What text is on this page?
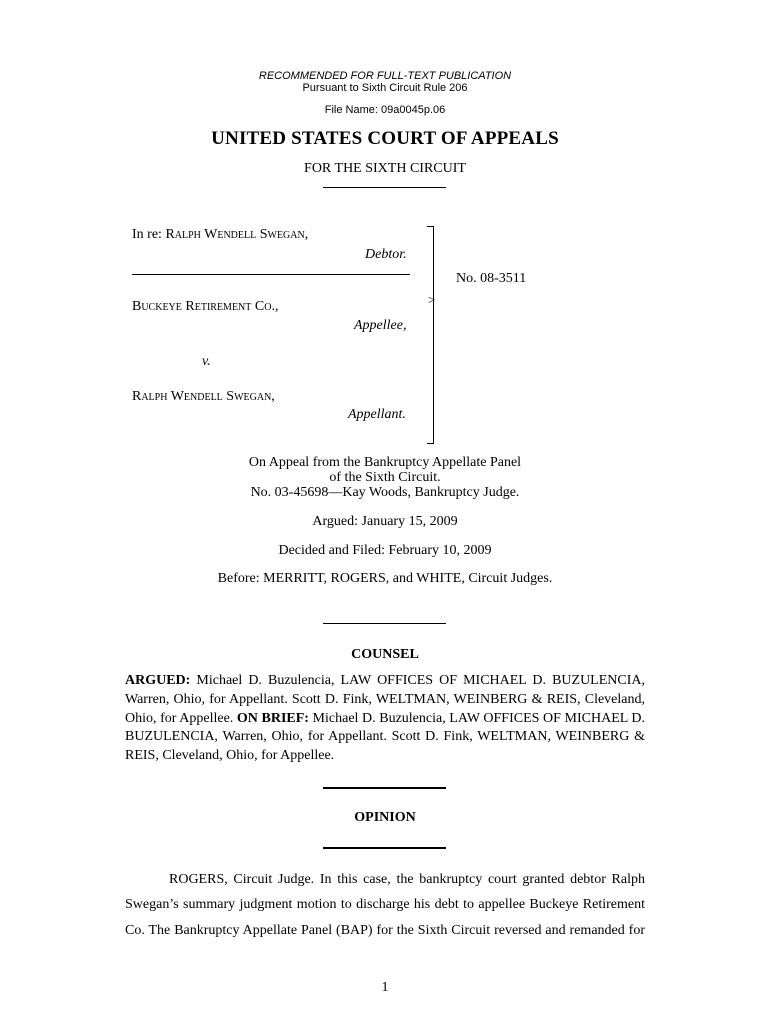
RECOMMENDED FOR FULL-TEXT PUBLICATION
Pursuant to Sixth Circuit Rule 206
File Name: 09a0045p.06
UNITED STATES COURT OF APPEALS
FOR THE SIXTH CIRCUIT
In re: Ralph Wendell Swegan,
Debtor.
Buckeye Retirement Co.,
Appellee,
v.
Ralph Wendell Swegan,
Appellant.
>
No. 08-3511
On Appeal from the Bankruptcy Appellate Panel
of the Sixth Circuit.
No. 03-45698—Kay Woods, Bankruptcy Judge.
Argued: January 15, 2009
Decided and Filed: February 10, 2009
Before: MERRITT, ROGERS, and WHITE, Circuit Judges.
COUNSEL
ARGUED: Michael D. Buzulencia, LAW OFFICES OF MICHAEL D. BUZULENCIA, Warren, Ohio, for Appellant. Scott D. Fink, WELTMAN, WEINBERG & REIS, Cleveland, Ohio, for Appellee. ON BRIEF: Michael D. Buzulencia, LAW OFFICES OF MICHAEL D. BUZULENCIA, Warren, Ohio, for Appellant. Scott D. Fink, WELTMAN, WEINBERG & REIS, Cleveland, Ohio, for Appellee.
OPINION
ROGERS, Circuit Judge. In this case, the bankruptcy court granted debtor Ralph
Swegan’s summary judgment motion to discharge his debt to appellee Buckeye Retirement
Co. The Bankruptcy Appellate Panel (BAP) for the Sixth Circuit reversed and remanded for
1
